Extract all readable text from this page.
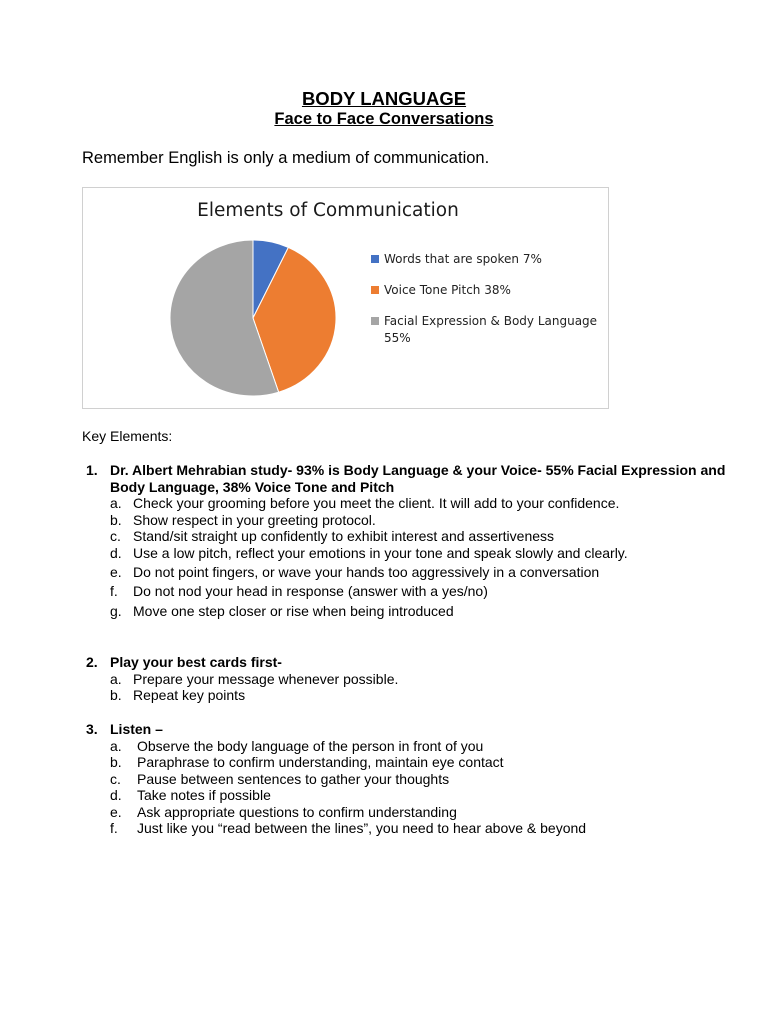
BODY LANGUAGE
Face to Face Conversations
Remember English is only a medium of communication.
Elements of Communication
Words that are spoken 7%
Voice Tone Pitch 38%
Facial Expression & Body Language 55%
Key Elements:
1. Dr. Albert Mehrabian study- 93% is Body Language & your Voice- 55% Facial Expression and Body Language, 38% Voice Tone and Pitch
a. Check your grooming before you meet the client. It will add to your confidence.
b. Show respect in your greeting protocol.
c. Stand/sit straight up confidently to exhibit interest and assertiveness
d. Use a low pitch, reflect your emotions in your tone and speak slowly and clearly.
e. Do not point fingers, or wave your hands too aggressively in a conversation
f. Do not nod your head in response (answer with a yes/no)
g. Move one step closer or rise when being introduced
2. Play your best cards first-
a. Prepare your message whenever possible.
b. Repeat key points
3. Listen –
a. Observe the body language of the person in front of you
b. Paraphrase to confirm understanding, maintain eye contact
c. Pause between sentences to gather your thoughts
d. Take notes if possible
e. Ask appropriate questions to confirm understanding
f. Just like you “read between the lines”, you need to hear above & beyond
